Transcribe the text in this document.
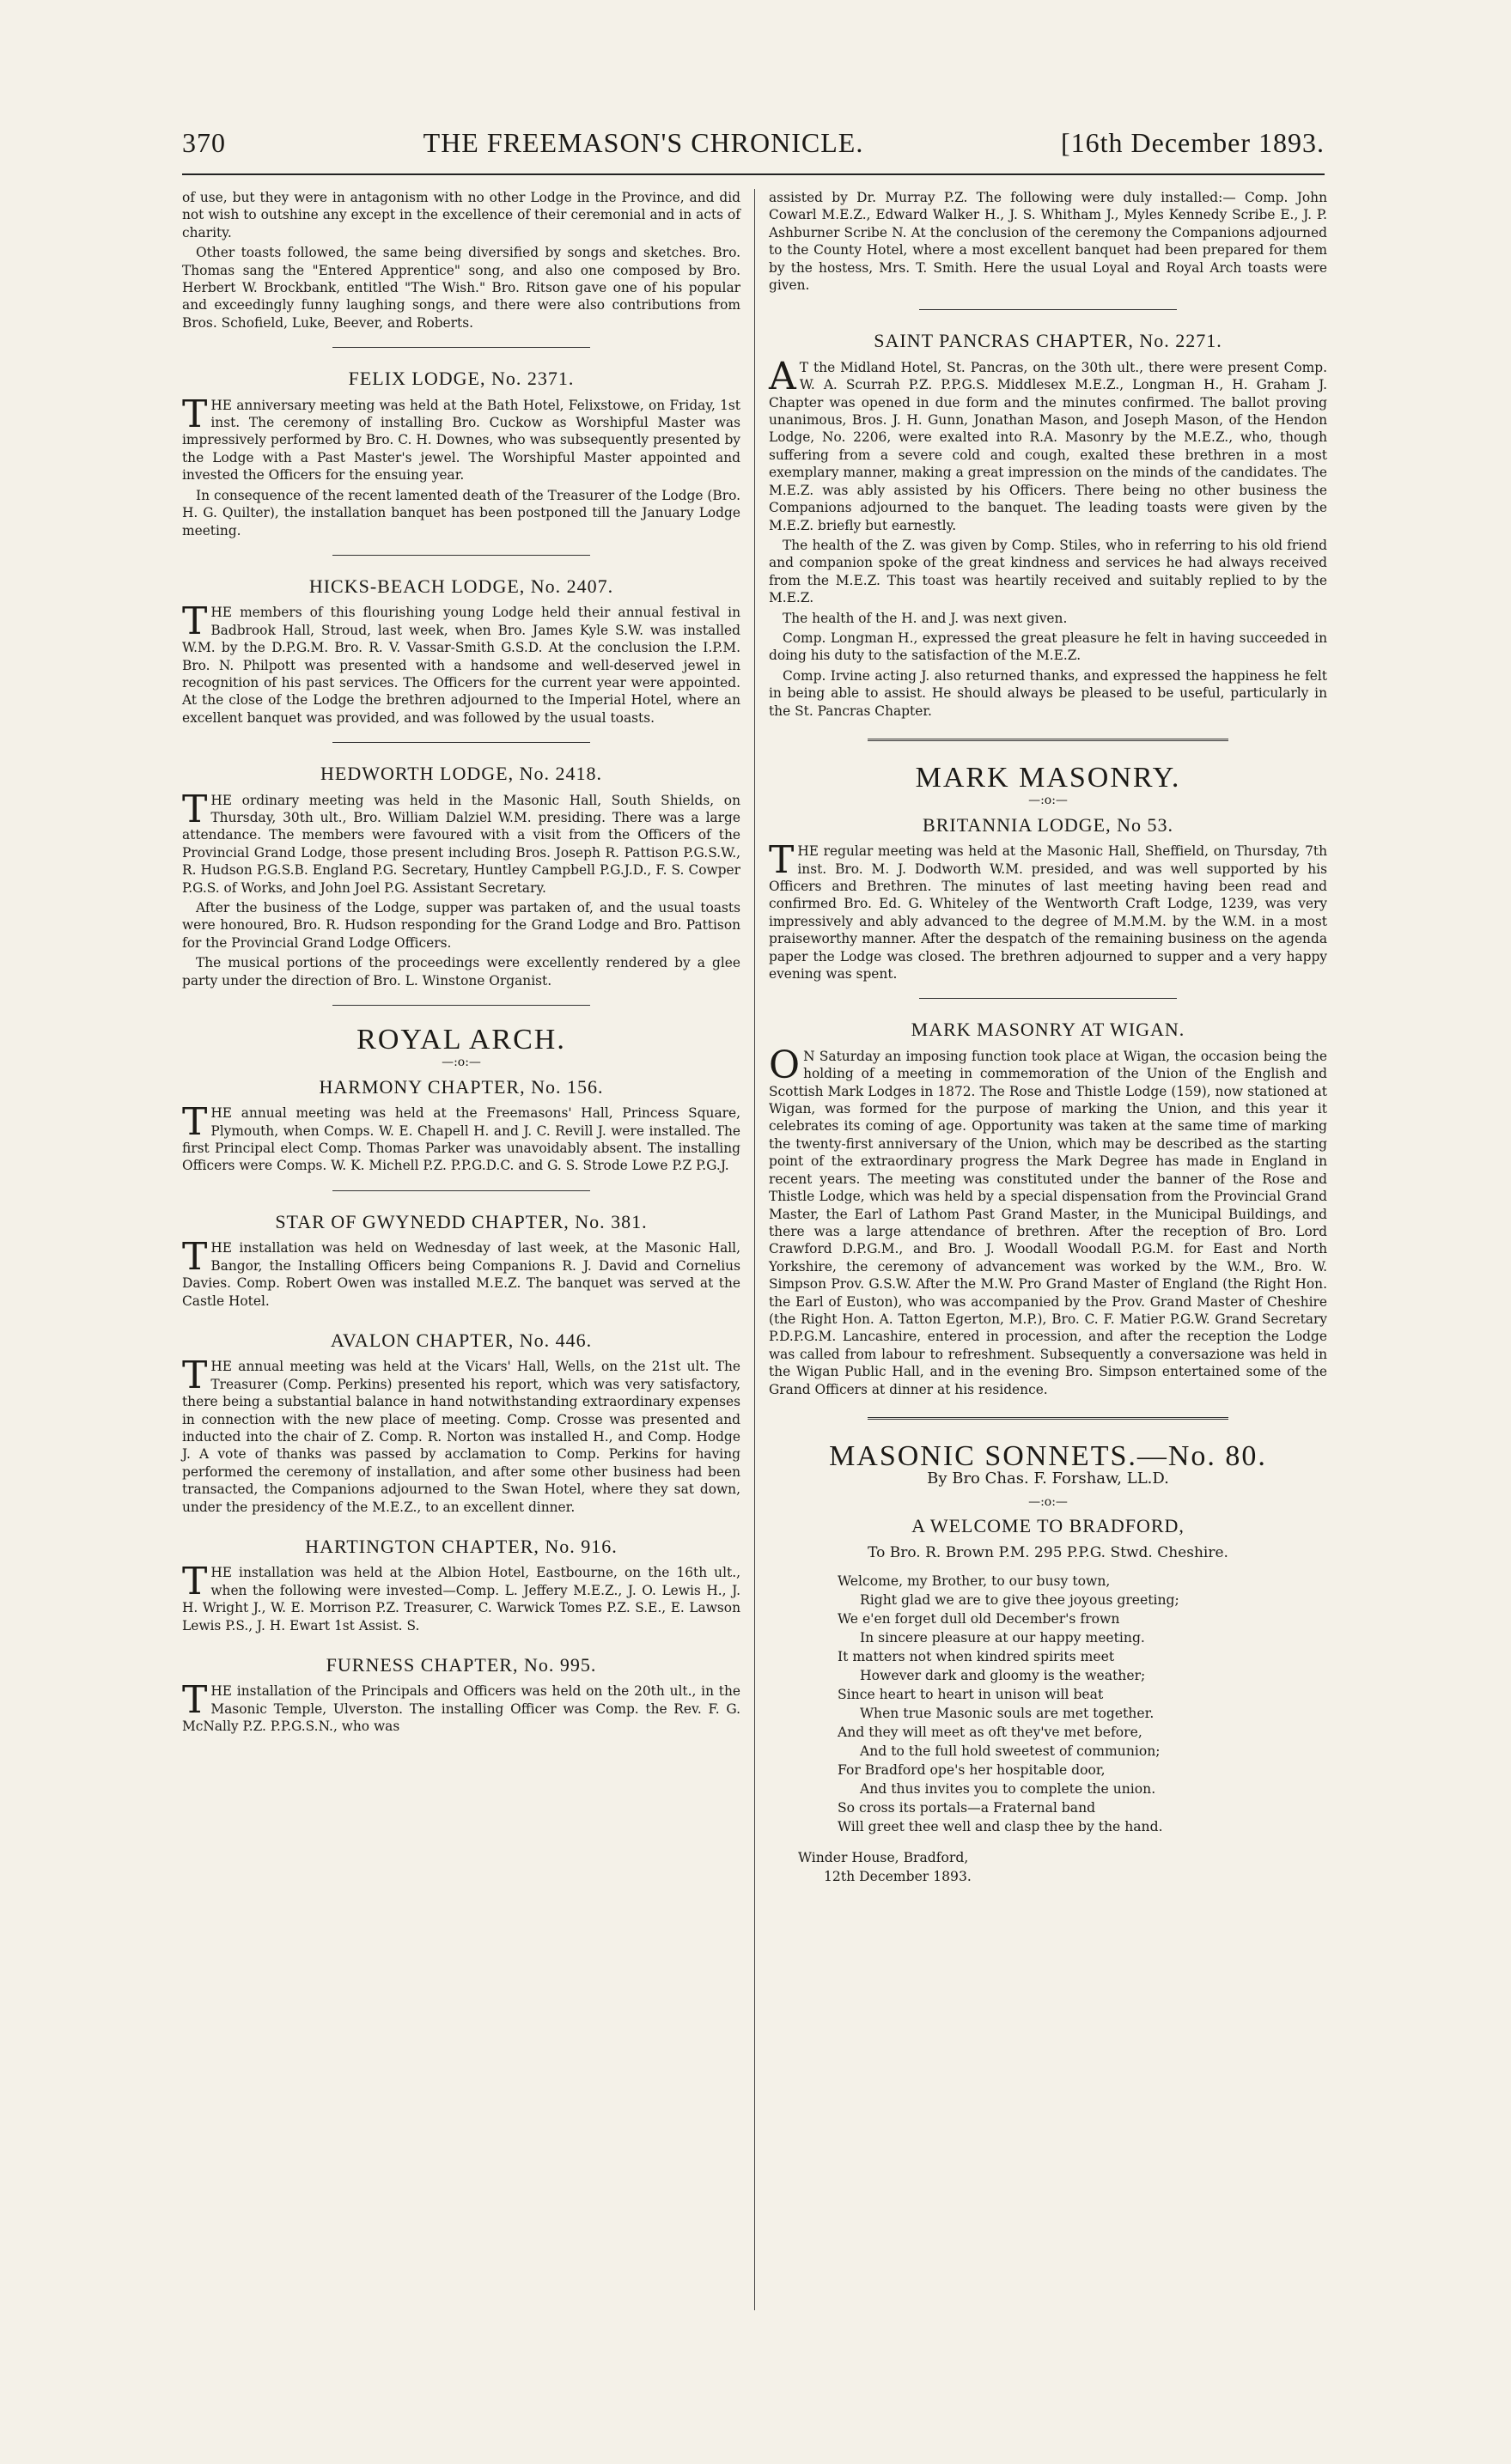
370	THE FREEMASON'S CHRONICLE.	[16th December 1893.

of use, but they were in antagonism with no other Lodge in the Province, and did not wish to outshine any except in the excellence of their ceremonial and in acts of charity.

Other toasts followed, the same being diversified by songs and sketches. Bro. Thomas sang the "Entered Apprentice" song, and also one composed by Bro. Herbert W. Brockbank, entitled "The Wish." Bro. Ritson gave one of his popular and exceedingly funny laughing songs, and there were also contributions from Bros. Schofield, Luke, Beever, and Roberts.

FELIX LODGE, No. 2371.

THE anniversary meeting was held at the Bath Hotel, Felixstowe, on Friday, 1st inst. The ceremony of installing Bro. Cuckow as Worshipful Master was impressively performed by Bro. C. H. Downes, who was subsequently presented by the Lodge with a Past Master's jewel. The Worshipful Master appointed and invested the Officers for the ensuing year.

In consequence of the recent lamented death of the Treasurer of the Lodge (Bro. H. G. Quilter), the installation banquet has been postponed till the January Lodge meeting.

HICKS-BEACH LODGE, No. 2407.

THE members of this flourishing young Lodge held their annual festival in Badbrook Hall, Stroud, last week, when Bro. James Kyle S.W. was installed W.M. by the D.P.G.M. Bro. R. V. Vassar-Smith G.S.D. At the conclusion the I.P.M. Bro. N. Philpott was presented with a handsome and well-deserved jewel in recognition of his past services. The Officers for the current year were appointed. At the close of the Lodge the brethren adjourned to the Imperial Hotel, where an excellent banquet was provided, and was followed by the usual toasts.

HEDWORTH LODGE, No. 2418.

THE ordinary meeting was held in the Masonic Hall, South Shields, on Thursday, 30th ult., Bro. William Dalziel W.M. presiding. There was a large attendance. The members were favoured with a visit from the Officers of the Provincial Grand Lodge, those present including Bros. Joseph R. Pattison P.G.S.W., R. Hudson P.G.S.B. England P.G. Secretary, Huntley Campbell P.G.J.D., F. S. Cowper P.G.S. of Works, and John Joel P.G. Assistant Secretary.

After the business of the Lodge, supper was partaken of, and the usual toasts were honoured, Bro. R. Hudson responding for the Grand Lodge and Bro. Pattison for the Provincial Grand Lodge Officers.

The musical portions of the proceedings were excellently rendered by a glee party under the direction of Bro. L. Winstone Organist.

ROYAL ARCH.
—:o:—
HARMONY CHAPTER, No. 156.

THE annual meeting was held at the Freemasons' Hall, Princess Square, Plymouth, when Comps. W. E. Chapell H. and J. C. Revill J. were installed. The first Principal elect Comp. Thomas Parker was unavoidably absent. The installing Officers were Comps. W. K. Michell P.Z. P.P.G.D.C. and G. S. Strode Lowe P.Z P.G.J.

STAR OF GWYNEDD CHAPTER, No. 381.

THE installation was held on Wednesday of last week, at the Masonic Hall, Bangor, the Installing Officers being Companions R. J. David and Cornelius Davies. Comp. Robert Owen was installed M.E.Z. The banquet was served at the Castle Hotel.

AVALON CHAPTER, No. 446.

THE annual meeting was held at the Vicars' Hall, Wells, on the 21st ult. The Treasurer (Comp. Perkins) presented his report, which was very satisfactory, there being a substantial balance in hand notwithstanding extraordinary expenses in connection with the new place of meeting. Comp. Crosse was presented and inducted into the chair of Z. Comp. R. Norton was installed H., and Comp. Hodge J. A vote of thanks was passed by acclamation to Comp. Perkins for having performed the ceremony of installation, and after some other business had been transacted, the Companions adjourned to the Swan Hotel, where they sat down, under the presidency of the M.E.Z., to an excellent dinner.

HARTINGTON CHAPTER, No. 916.

THE installation was held at the Albion Hotel, Eastbourne, on the 16th ult., when the following were invested—Comp. L. Jeffery M.E.Z., J. O. Lewis H., J. H. Wright J., W. E. Morrison P.Z. Treasurer, C. Warwick Tomes P.Z. S.E., E. Lawson Lewis P.S., J. H. Ewart 1st Assist. S.

FURNESS CHAPTER, No. 995.

THE installation of the Principals and Officers was held on the 20th ult., in the Masonic Temple, Ulverston. The installing Officer was Comp. the Rev. F. G. McNally P.Z. P.P.G.S.N., who was

assisted by Dr. Murray P.Z. The following were duly installed:— Comp. John Cowarl M.E.Z., Edward Walker H., J. S. Whitham J., Myles Kennedy Scribe E., J. P. Ashburner Scribe N. At the conclusion of the ceremony the Companions adjourned to the County Hotel, where a most excellent banquet had been prepared for them by the hostess, Mrs. T. Smith. Here the usual Loyal and Royal Arch toasts were given.

SAINT PANCRAS CHAPTER, No. 2271.

A T the Midland Hotel, St. Pancras, on the 30th ult., there were present Comp. W. A. Scurrah P.Z. P.P.G.S. Middlesex M.E.Z., Longman H., H. Graham J. Chapter was opened in due form and the minutes confirmed. The ballot proving unanimous, Bros. J. H. Gunn, Jonathan Mason, and Joseph Mason, of the Hendon Lodge, No. 2206, were exalted into R.A. Masonry by the M.E.Z., who, though suffering from a severe cold and cough, exalted these brethren in a most exemplary manner, making a great impression on the minds of the candidates. The M.E.Z. was ably assisted by his Officers. There being no other business the Companions adjourned to the banquet. The leading toasts were given by the M.E.Z. briefly but earnestly.

The health of the Z. was given by Comp. Stiles, who in referring to his old friend and companion spoke of the great kindness and services he had always received from the M.E.Z. This toast was heartily received and suitably replied to by the M.E.Z.

The health of the H. and J. was next given.

Comp. Longman H., expressed the great pleasure he felt in having succeeded in doing his duty to the satisfaction of the M.E.Z.

Comp. Irvine acting J. also returned thanks, and expressed the happiness he felt in being able to assist. He should always be pleased to be useful, particularly in the St. Pancras Chapter.

MARK MASONRY.
—:o:—
BRITANNIA LODGE, No 53.

THE regular meeting was held at the Masonic Hall, Sheffield, on Thursday, 7th inst. Bro. M. J. Dodworth W.M. presided, and was well supported by his Officers and Brethren. The minutes of last meeting having been read and confirmed Bro. Ed. G. Whiteley of the Wentworth Craft Lodge, 1239, was very impressively and ably advanced to the degree of M.M.M. by the W.M. in a most praiseworthy manner. After the despatch of the remaining business on the agenda paper the Lodge was closed. The brethren adjourned to supper and a very happy evening was spent.

MARK MASONRY AT WIGAN.

O N Saturday an imposing function took place at Wigan, the occasion being the holding of a meeting in commemoration of the Union of the English and Scottish Mark Lodges in 1872. The Rose and Thistle Lodge (159), now stationed at Wigan, was formed for the purpose of marking the Union, and this year it celebrates its coming of age. Opportunity was taken at the same time of marking the twenty-first anniversary of the Union, which may be described as the starting point of the extraordinary progress the Mark Degree has made in England in recent years. The meeting was constituted under the banner of the Rose and Thistle Lodge, which was held by a special dispensation from the Provincial Grand Master, the Earl of Lathom Past Grand Master, in the Municipal Buildings, and there was a large attendance of brethren. After the reception of Bro. Lord Crawford D.P.G.M., and Bro. J. Woodall Woodall P.G.M. for East and North Yorkshire, the ceremony of advancement was worked by the W.M., Bro. W. Simpson Prov. G.S.W. After the M.W. Pro Grand Master of England (the Right Hon. the Earl of Euston), who was accompanied by the Prov. Grand Master of Cheshire (the Right Hon. A. Tatton Egerton, M.P.), Bro. C. F. Matier P.G.W. Grand Secretary P.D.P.G.M. Lancashire, entered in procession, and after the reception the Lodge was called from labour to refreshment. Subsequently a conversazione was held in the Wigan Public Hall, and in the evening Bro. Simpson entertained some of the Grand Officers at dinner at his residence.

MASONIC SONNETS.—No. 80.
By Bro Chas. F. Forshaw, LL.D.
—:o:—
A WELCOME TO BRADFORD,
To Bro. R. Brown P.M. 295 P.P.G. Stwd. Cheshire.
Welcome, my Brother, to our busy town,
Right glad we are to give thee joyous greeting;
We e'en forget dull old December's frown
In sincere pleasure at our happy meeting.
It matters not when kindred spirits meet
However dark and gloomy is the weather;
Since heart to heart in unison will beat
When true Masonic souls are met together.
And they will meet as oft they've met before,
And to the full hold sweetest of communion;
For Bradford ope's her hospitable door,
And thus invites you to complete the union.
So cross its portals—a Fraternal band
Will greet thee well and clasp thee by the hand.
Winder House, Bradford,
12th December 1893.
